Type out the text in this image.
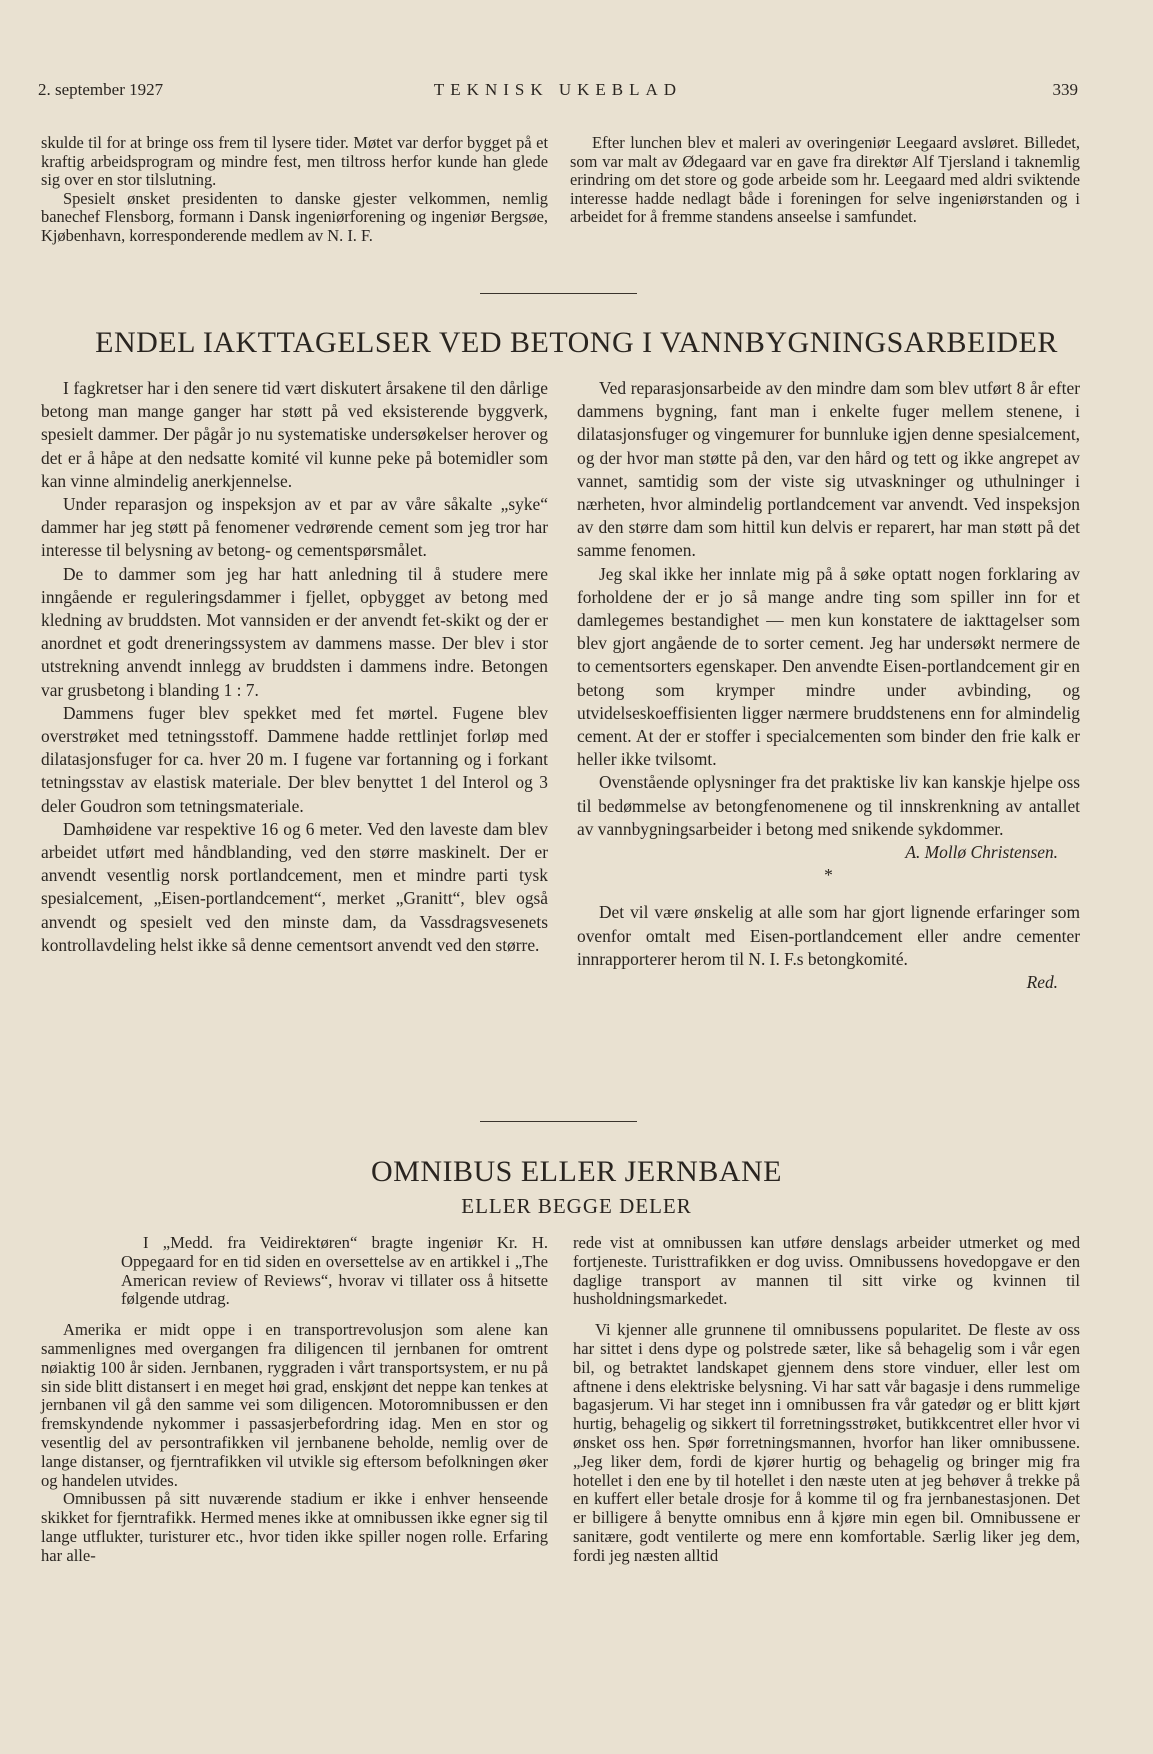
2. september 1927	TEKNISK UKEBLAD	339

skulde til for at bringe oss frem til lysere tider. Møtet var derfor bygget på et kraftig arbeidsprogram og mindre fest, men tiltross herfor kunde han glede sig over en stor tilslutning.

Spesielt ønsket presidenten to danske gjester velkommen, nemlig banechef Flensborg, formann i Dansk ingeniørforening og ingeniør Bergsøe, Kjøbenhavn, korresponderende medlem av N. I. F.

Efter lunchen blev et maleri av overingeniør Leegaard avsløret. Billedet, som var malt av Ødegaard var en gave fra direktør Alf Tjersland i taknemlig erindring om det store og gode arbeide som hr. Leegaard med aldri sviktende interesse hadde nedlagt både i foreningen for selve ingeniørstanden og i arbeidet for å fremme standens anseelse i samfundet.

ENDEL IAKTTAGELSER VED BETONG I VANNBYGNINGSARBEIDER

I fagkretser har i den senere tid vært diskutert årsakene til den dårlige betong man mange ganger har støtt på ved eksisterende byggverk, spesielt dammer. Der pågår jo nu systematiske undersøkelser herover og det er å håpe at den nedsatte komité vil kunne peke på botemidler som kan vinne almindelig anerkjennelse.

Under reparasjon og inspeksjon av et par av våre såkalte „syke“ dammer har jeg støtt på fenomener vedrørende cement som jeg tror har interesse til belysning av betong- og cementspørsmålet.

De to dammer som jeg har hatt anledning til å studere mere inngående er reguleringsdammer i fjellet, opbygget av betong med kledning av bruddsten. Mot vannsiden er der anvendt fet-skikt og der er anordnet et godt dreneringssystem av dammens masse. Der blev i stor utstrekning anvendt innlegg av bruddsten i dammens indre. Betongen var grusbetong i blanding 1 : 7.

Dammens fuger blev spekket med fet mørtel. Fugene blev overstrøket med tetningsstoff. Dammene hadde rettlinjet forløp med dilatasjonsfuger for ca. hver 20 m. I fugene var fortanning og i forkant tetningsstav av elastisk materiale. Der blev benyttet 1 del Interol og 3 deler Goudron som tetningsmateriale.

Damhøidene var respektive 16 og 6 meter. Ved den laveste dam blev arbeidet utført med håndblanding, ved den større maskinelt. Der er anvendt vesentlig norsk portlandcement, men et mindre parti tysk spesialcement, „Eisen-portlandcement“, merket „Granitt“, blev også anvendt og spesielt ved den minste dam, da Vassdragsvesenets kontrollavdeling helst ikke så denne cementsort anvendt ved den større.

Ved reparasjonsarbeide av den mindre dam som blev utført 8 år efter dammens bygning, fant man i enkelte fuger mellem stenene, i dilatasjonsfuger og vingemurer for bunnluke igjen denne spesialcement, og der hvor man støtte på den, var den hård og tett og ikke angrepet av vannet, samtidig som der viste sig utvaskninger og uthulninger i nærheten, hvor almindelig portlandcement var anvendt. Ved inspeksjon av den større dam som hittil kun delvis er reparert, har man støtt på det samme fenomen.

Jeg skal ikke her innlate mig på å søke optatt nogen forklaring av forholdene der er jo så mange andre ting som spiller inn for et damlegemes bestandighet — men kun konstatere de iakttagelser som blev gjort angående de to sorter cement. Jeg har undersøkt nermere de to cementsorters egenskaper. Den anvendte Eisen-portlandcement gir en betong som krymper mindre under avbinding, og utvidelseskoeffisienten ligger nærmere bruddstenens enn for almindelig cement. At der er stoffer i specialcementen som binder den frie kalk er heller ikke tvilsomt.

Ovenstående oplysninger fra det praktiske liv kan kanskje hjelpe oss til bedømmelse av betongfenomenene og til innskrenkning av antallet av vannbygningsarbeider i betong med snikende sykdommer.

A. Mollø Christensen.

*

Det vil være ønskelig at alle som har gjort lignende erfaringer som ovenfor omtalt med Eisen-portlandcement eller andre cementer innrapporterer herom til N. I. F.s betongkomité.

Red.

OMNIBUS ELLER JERNBANE
ELLER BEGGE DELER

I „Medd. fra Veidirektøren“ bragte ingeniør Kr. H. Oppegaard for en tid siden en oversettelse av en artikkel i „The American review of Reviews“, hvorav vi tillater oss å hitsette følgende utdrag.

Amerika er midt oppe i en transportrevolusjon som alene kan sammenlignes med overgangen fra diligencen til jernbanen for omtrent nøiaktig 100 år siden. Jernbanen, ryggraden i vårt transportsystem, er nu på sin side blitt distansert i en meget høi grad, enskjønt det neppe kan tenkes at jernbanen vil gå den samme vei som diligencen. Motoromnibussen er den fremskyndende nykommer i passasjerbefordring idag. Men en stor og vesentlig del av persontrafikken vil jernbanene beholde, nemlig over de lange distanser, og fjerntrafikken vil utvikle sig eftersom befolkningen øker og handelen utvides.

Omnibussen på sitt nuværende stadium er ikke i enhver henseende skikket for fjerntrafikk. Hermed menes ikke at omnibussen ikke egner sig til lange utflukter, turisturer etc., hvor tiden ikke spiller nogen rolle. Erfaring har alle-

rede vist at omnibussen kan utføre denslags arbeider utmerket og med fortjeneste. Turisttrafikken er dog uviss. Omnibussens hovedopgave er den daglige transport av mannen til sitt virke og kvinnen til husholdningsmarkedet.

Vi kjenner alle grunnene til omnibussens popularitet. De fleste av oss har sittet i dens dype og polstrede sæter, like så behagelig som i vår egen bil, og betraktet landskapet gjennem dens store vinduer, eller lest om aftnene i dens elektriske belysning. Vi har satt vår bagasje i dens rummelige bagasjerum. Vi har steget inn i omnibussen fra vår gatedør og er blitt kjørt hurtig, behagelig og sikkert til forretningsstrøket, butikkcentret eller hvor vi ønsket oss hen. Spør forretningsmannen, hvorfor han liker omnibussene. „Jeg liker dem, fordi de kjører hurtig og behagelig og bringer mig fra hotellet i den ene by til hotellet i den næste uten at jeg behøver å trekke på en kuffert eller betale drosje for å komme til og fra jernbanestasjonen. Det er billigere å benytte omnibus enn å kjøre min egen bil. Omnibussene er sanitære, godt ventilerte og mere enn komfortable. Særlig liker jeg dem, fordi jeg næsten alltid
